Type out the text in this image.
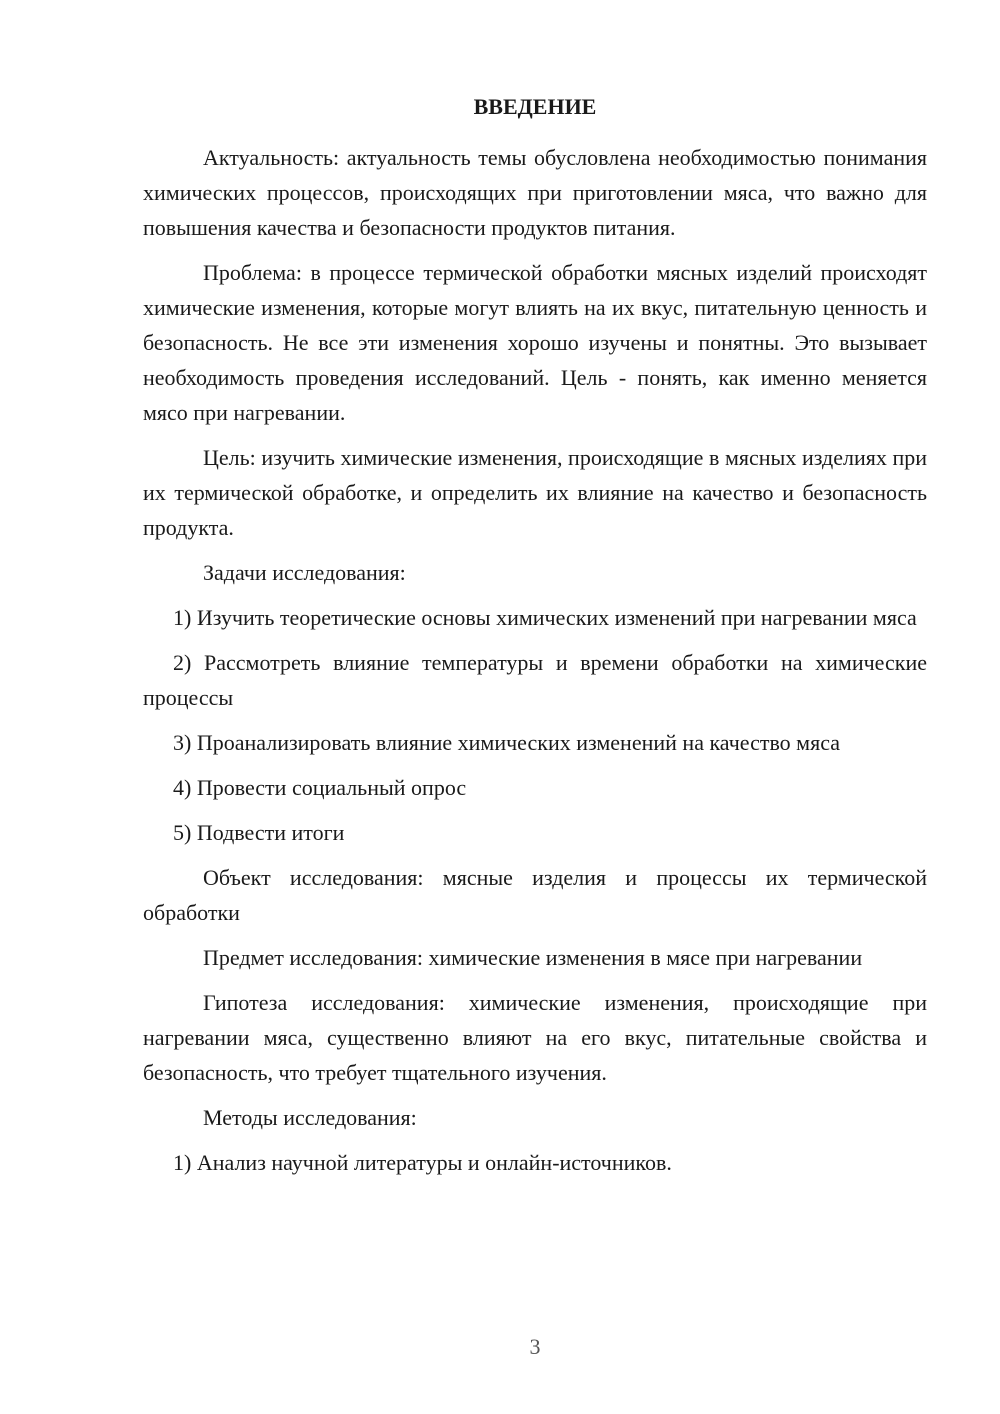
ВВЕДЕНИЕ

Актуальность: актуальность темы обусловлена необходимостью понимания химических процессов, происходящих при приготовлении мяса, что важно для повышения качества и безопасности продуктов питания.

Проблема: в процессе термической обработки мясных изделий происходят химические изменения, которые могут влиять на их вкус, питательную ценность и безопасность. Не все эти изменения хорошо изучены и понятны. Это вызывает необходимость проведения исследований. Цель - понять, как именно меняется мясо при нагревании.

Цель: изучить химические изменения, происходящие в мясных изделиях при их термической обработке, и определить их влияние на качество и безопасность продукта.

Задачи исследования:

1) Изучить теоретические основы химических изменений при нагревании мяса

2) Рассмотреть влияние температуры и времени обработки на химические процессы

3) Проанализировать влияние химических изменений на качество мяса

4) Провести социальный опрос

5) Подвести итоги

Объект исследования: мясные изделия и процессы их термической обработки

Предмет исследования: химические изменения в мясе при нагревании

Гипотеза исследования: химические изменения, происходящие при нагревании мяса, существенно влияют на его вкус, питательные свойства и безопасность, что требует тщательного изучения.

Методы исследования:

1) Анализ научной литературы и онлайн-источников.

3
